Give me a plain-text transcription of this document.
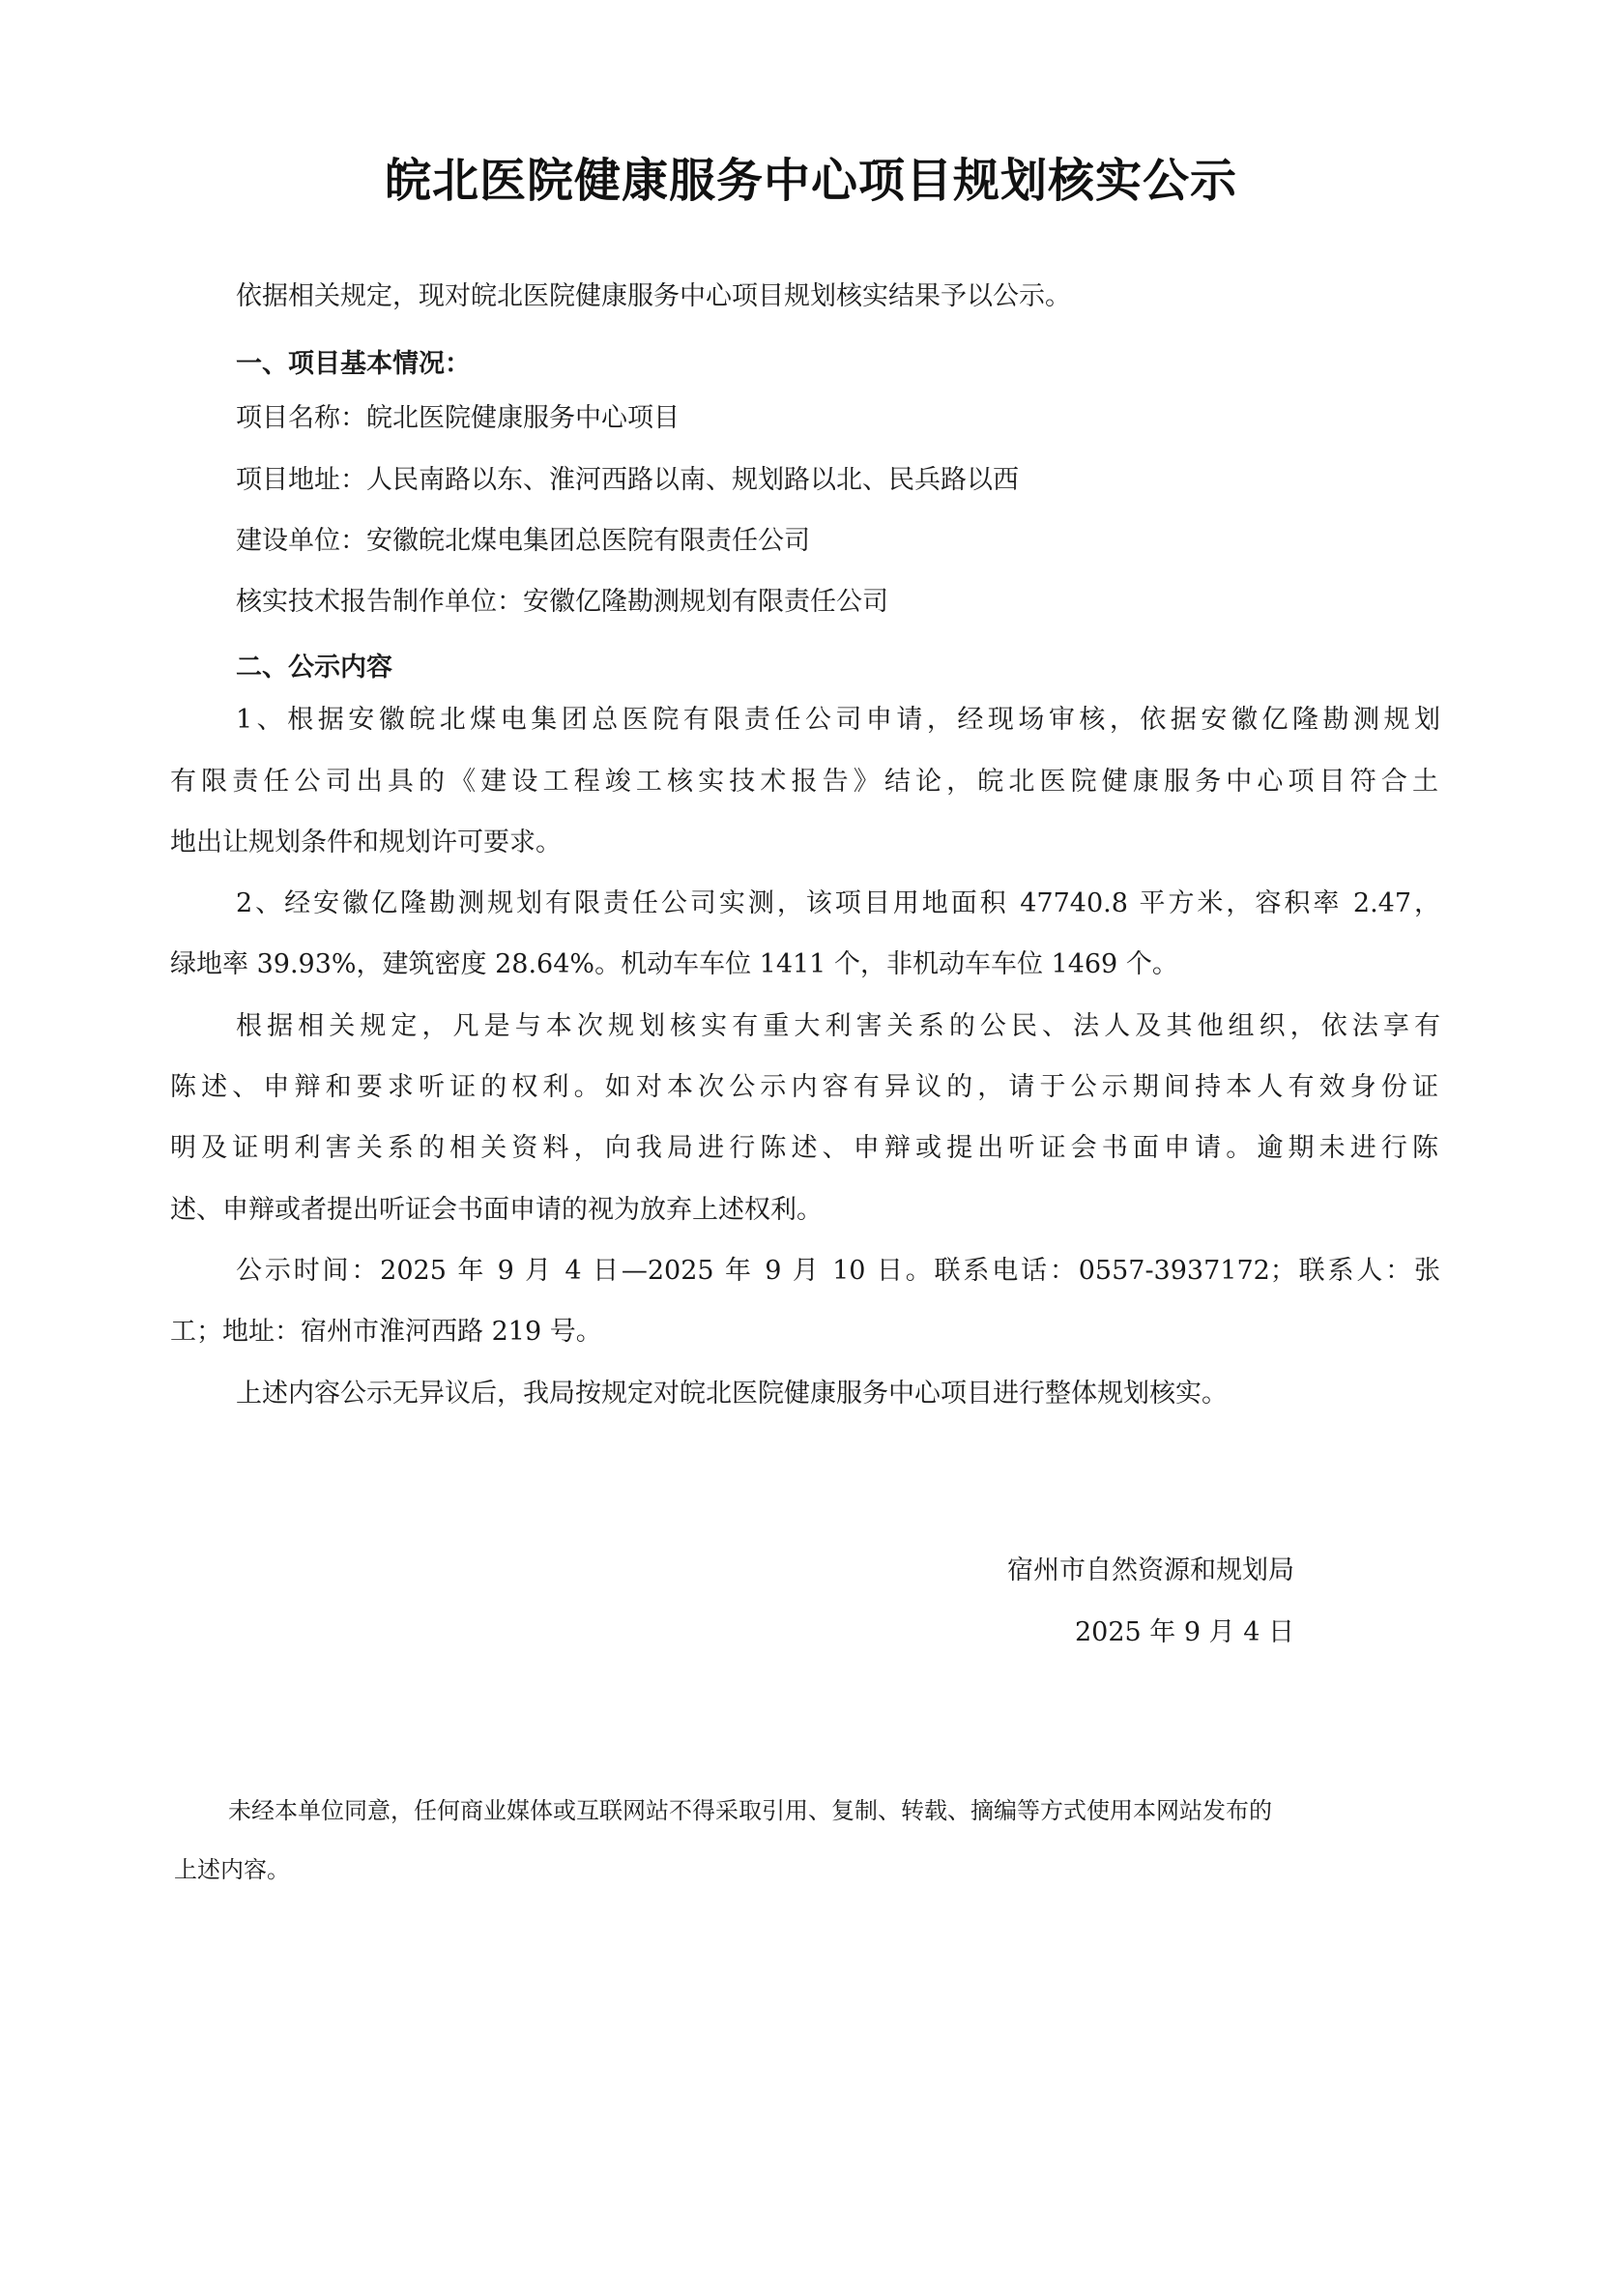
皖北医院健康服务中心项目规划核实公示
依据相关规定，现对皖北医院健康服务中心项目规划核实结果予以公示。
一、项目基本情况：
项目名称：皖北医院健康服务中心项目
项目地址：人民南路以东、淮河西路以南、规划路以北、民兵路以西
建设单位：安徽皖北煤电集团总医院有限责任公司
核实技术报告制作单位：安徽亿隆勘测规划有限责任公司
二、公示内容
1、根据安徽皖北煤电集团总医院有限责任公司申请，经现场审核，依据安徽亿隆勘测规划
有限责任公司出具的《建设工程竣工核实技术报告》结论，皖北医院健康服务中心项目符合土
地出让规划条件和规划许可要求。
2、经安徽亿隆勘测规划有限责任公司实测，该项目用地面积 47740.8 平方米，容积率 2.47，
绿地率 39.93%，建筑密度 28.64%。机动车车位 1411 个，非机动车车位 1469 个。
根据相关规定，凡是与本次规划核实有重大利害关系的公民、法人及其他组织，依法享有
陈述、申辩和要求听证的权利。如对本次公示内容有异议的，请于公示期间持本人有效身份证
明及证明利害关系的相关资料，向我局进行陈述、申辩或提出听证会书面申请。逾期未进行陈
述、申辩或者提出听证会书面申请的视为放弃上述权利。
公示时间：2025 年 9 月 4 日—2025 年 9 月 10 日。联系电话：0557-3937172；联系人：张
工；地址：宿州市淮河西路 219 号。
上述内容公示无异议后，我局按规定对皖北医院健康服务中心项目进行整体规划核实。
宿州市自然资源和规划局
2025 年 9 月 4 日
未经本单位同意，任何商业媒体或互联网站不得采取引用、复制、转载、摘编等方式使用本网站发布的
上述内容。
